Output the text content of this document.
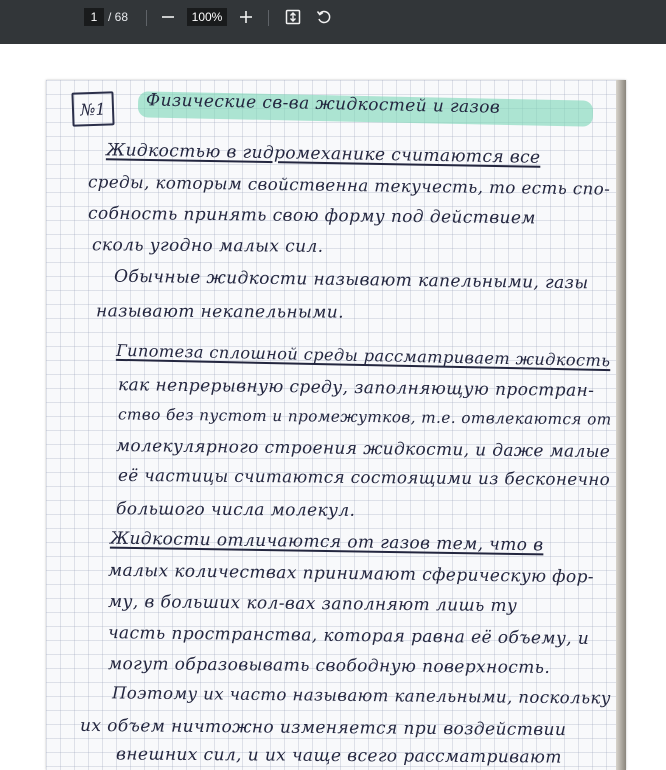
1 / 68	100%
№1	Физические св-ва жидкостей и газов
Жидкостью в гидромеханике считаются все
среды, которым свойственна текучесть, то есть спо-
собность принять свою форму под действием
сколь угодно малых сил.
Обычные жидкости называют капельными, газы
называют некапельными.
Гипотеза сплошной среды рассматривает жидкость
как непрерывную среду, заполняющую простран-
ство без пустот и промежутков, т.е. отвлекаются от
молекулярного строения жидкости, и даже малые
её частицы считаются состоящими из бесконечно
большого числа молекул.
Жидкости отличаются от газов тем, что в
малых количествах принимают сферическую фор-
му, в больших кол-вах заполняют лишь ту
часть пространства, которая равна её объему, и
могут образовывать свободную поверхность.
Поэтому их часто называют капельными, поскольку
их объем ничтожно изменяется при воздействии
внешних сил, и их чаще всего рассматривают
